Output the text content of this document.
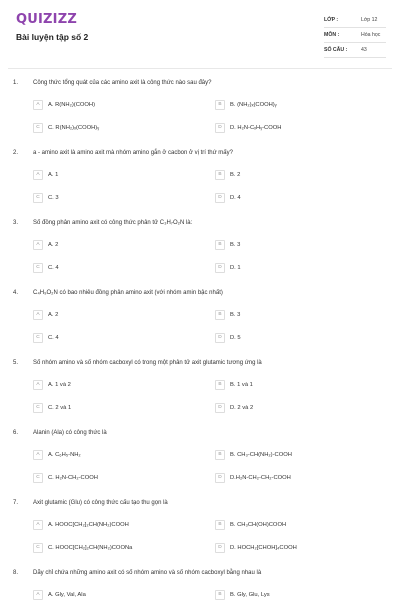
QUIZIZZ
Bài luyện tập số 2
LỚP :	Lớp 12
MÔN :	Hóa học
SỐ CÂU :	43
1. Công thức tổng quát của các amino axit là công thức nào sau đây?
A	A. R(NH₂)(COOH)	B	B. (NH₂)ₓ(COOH)ᵧ
C	C. R(NH₂)ₓ(COOH)ᵧ	D	D. H₂N-CₓHᵧ-COOH
2. a - amino axit là amino axit mà nhóm amino gắn ở cacbon ở vị trí thứ mấy?
A	A. 1	B	B. 2
C	C. 3	D	D. 4
3. Số đồng phân amino axit có công thức phân tử C₃H₇O₂N là:
A	A. 2	B	B. 3
C	C. 4	D	D. 1
4. C₄H₉O₂N có bao nhiêu đồng phân amino axit (với nhóm amin bậc nhất)
A	A. 2	B	B. 3
C	C. 4	D	D. 5
5. Số nhóm amino và số nhóm cacboxyl có trong một phân tử axit glutamic tương ứng là
A	A. 1 và 2	B	B. 1 và 1
C	C. 2 và 1	D	D. 2 và 2
6. Alanin (Ala) có công thức là
A	A. C₆H₅-NH₂	B	B. CH₃-CH(NH₂)-COOH
C	C. H₂N-CH₂-COOH	D	D.H₂N-CH₂-CH₂-COOH
7. Axit glutamic (Glu) có công thức cấu tạo thu gọn là
A	A. HOOC[CH₂]₂CH(NH₂)COOH	B	B. CH₃CH(OH)COOH
C	C. HOOC[CH₂]₂CH(NH₂)COONa	D	D. HOCH₂[CHOH]₄COOH
8. Dãy chỉ chứa những amino axit có số nhóm amino và số nhóm cacboxyl bằng nhau là
A	A. Gly, Val, Ala	B	B. Gly, Glu, Lys
